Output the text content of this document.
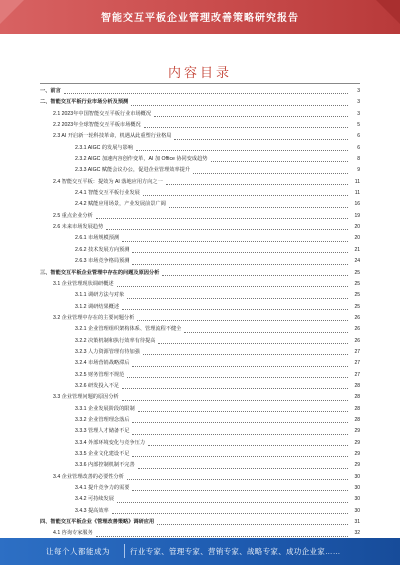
智能交互平板企业管理改善策略研究报告
内容目录
一、前言	3
二、智能交互平板行业市场分析及预测	3
2.1 2023年中国智能交互平板行业市场概况	3
2.2 2023年全球智能交互平板市场概况	5
2.3 AI 开启新一轮科技革命，机遇从此重塑行业格局	6
2.3.1 AIGC 的发展与影响	6
2.3.2 AIGC 加速内容创作变革，AI 加 Office 协同变成趋势	8
2.3.3 AIGC 赋能会议办公，促进企业管理效率提升	9
2.4 智能交互平板：提效为 AI 落地应用方向之一	11
2.4.1 智能交互平板行业发展	11
2.4.2 赋能应用场景，产业发展前景广阔	16
2.5 重点企业分析	19
2.6 未来市场发展趋势	20
2.6.1 市场规模预测	20
2.6.2 技术发展方向预测	21
2.6.3 市场竞争格局预测	24
三、智能交互平板企业管理中存在的问题及原因分析	25
3.1 企业管理现状调研概述	25
3.1.1 调研方法与对象	25
3.1.2 调研结果概述	25
3.2 企业管理中存在的主要问题分析	26
3.2.1 企业管理组织架构体系、管理流程不健全	26
3.2.2 决策机制和执行效率有待提高	26
3.2.3 人力资源管理有待加强	27
3.2.4 市场营销战略滞后	27
3.2.5 财务管理不规范	27
3.2.6 研发投入不足	28
3.3 企业管理问题的原因分析	28
3.3.1 企业发展阶段的限制	28
3.3.2 企业管理理念落后	28
3.3.3 管理人才储备不足	29
3.3.4 外部环境变化与竞争压力	29
3.3.5 企业文化建设不足	29
3.3.6 内部控制机制不完善	29
3.4 企业管理改善的必要性分析	30
3.4.1 提升竞争力的需要	30
3.4.2 可持续发展	30
3.4.3 提高效率	30
四、智能交互平板企业《管理改善策略》调研应用	31
4.1 咨询专家服务	32
让每个人都能成为	行业专家、管理专家、营销专家、战略专家、成功企业家……
